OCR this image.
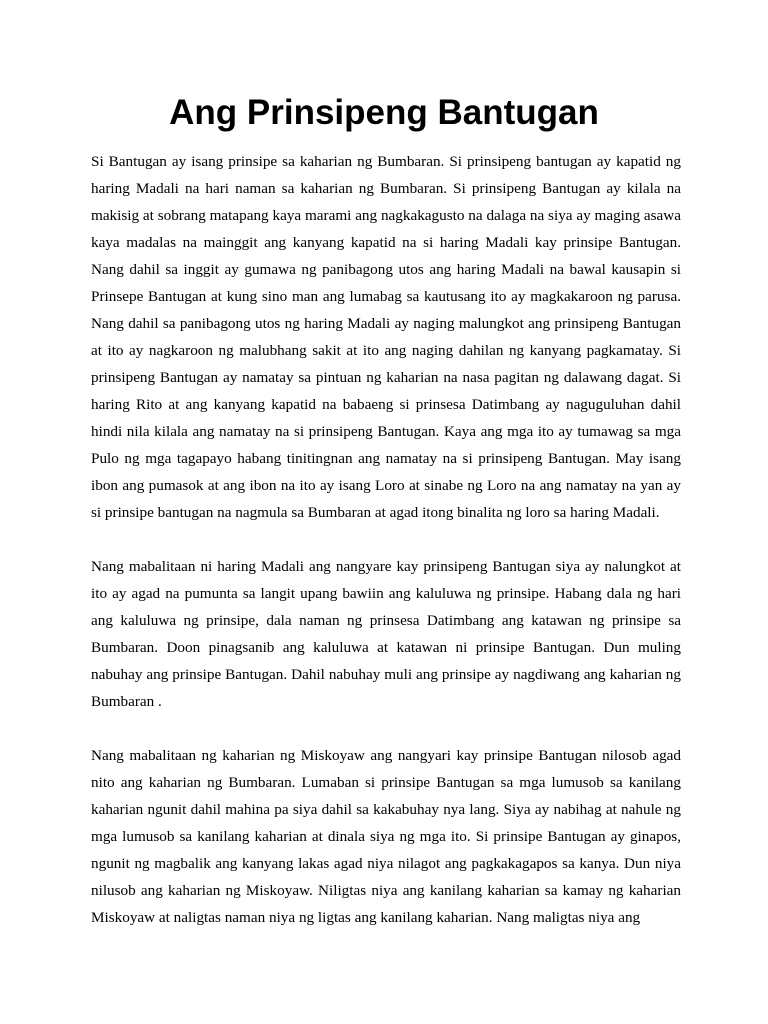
Ang Prinsipeng Bantugan

Si Bantugan ay isang prinsipe sa kaharian ng Bumbaran. Si prinsipeng bantugan ay kapatid ng haring Madali na hari naman sa kaharian ng Bumbaran. Si prinsipeng Bantugan ay kilala na makisig at sobrang matapang kaya marami ang nagkakagusto na dalaga na siya ay maging asawa kaya madalas na mainggit ang kanyang kapatid na si haring Madali kay prinsipe Bantugan. Nang dahil sa inggit ay gumawa ng panibagong utos ang haring Madali na bawal kausapin si Prinsepe Bantugan at kung sino man ang lumabag sa kautusang ito ay magkakaroon ng parusa. Nang dahil sa panibagong utos ng haring Madali ay naging malungkot ang prinsipeng Bantugan at ito ay nagkaroon ng malubhang sakit at ito ang naging dahilan ng kanyang pagkamatay. Si prinsipeng Bantugan ay namatay sa pintuan ng kaharian na nasa pagitan ng dalawang dagat. Si haring Rito at ang kanyang kapatid na babaeng si prinsesa Datimbang ay naguguluhan dahil hindi nila kilala ang namatay na si prinsipeng Bantugan. Kaya ang mga ito ay tumawag sa mga Pulo ng mga tagapayo habang tinitingnan ang namatay na si prinsipeng Bantugan. May isang ibon ang pumasok at ang ibon na ito ay isang Loro at sinabe ng Loro na ang namatay na yan ay si prinsipe bantugan na nagmula sa Bumbaran at agad itong binalita ng loro sa haring Madali.

Nang mabalitaan ni haring Madali ang nangyare kay prinsipeng Bantugan siya ay nalungkot at ito ay agad na pumunta sa langit upang bawiin ang kaluluwa ng prinsipe. Habang dala ng hari ang kaluluwa ng prinsipe, dala naman ng prinsesa Datimbang ang katawan ng prinsipe sa Bumbaran. Doon pinagsanib ang kaluluwa at katawan ni prinsipe Bantugan. Dun muling nabuhay ang prinsipe Bantugan. Dahil nabuhay muli ang prinsipe ay nagdiwang ang kaharian ng Bumbaran .

Nang mabalitaan ng kaharian ng Miskoyaw ang nangyari kay prinsipe Bantugan nilosob agad nito ang kaharian ng Bumbaran. Lumaban si prinsipe Bantugan sa mga lumusob sa kanilang kaharian ngunit dahil mahina pa siya dahil sa kakabuhay nya lang. Siya ay nabihag at nahule ng mga lumusob sa kanilang kaharian at dinala siya ng mga ito. Si prinsipe Bantugan ay ginapos, ngunit ng magbalik ang kanyang lakas agad niya nilagot ang pagkakagapos sa kanya. Dun niya nilusob ang kaharian ng Miskoyaw. Niligtas niya ang kanilang kaharian sa kamay ng kaharian Miskoyaw at naligtas naman niya ng ligtas ang kanilang kaharian. Nang maligtas niya ang
